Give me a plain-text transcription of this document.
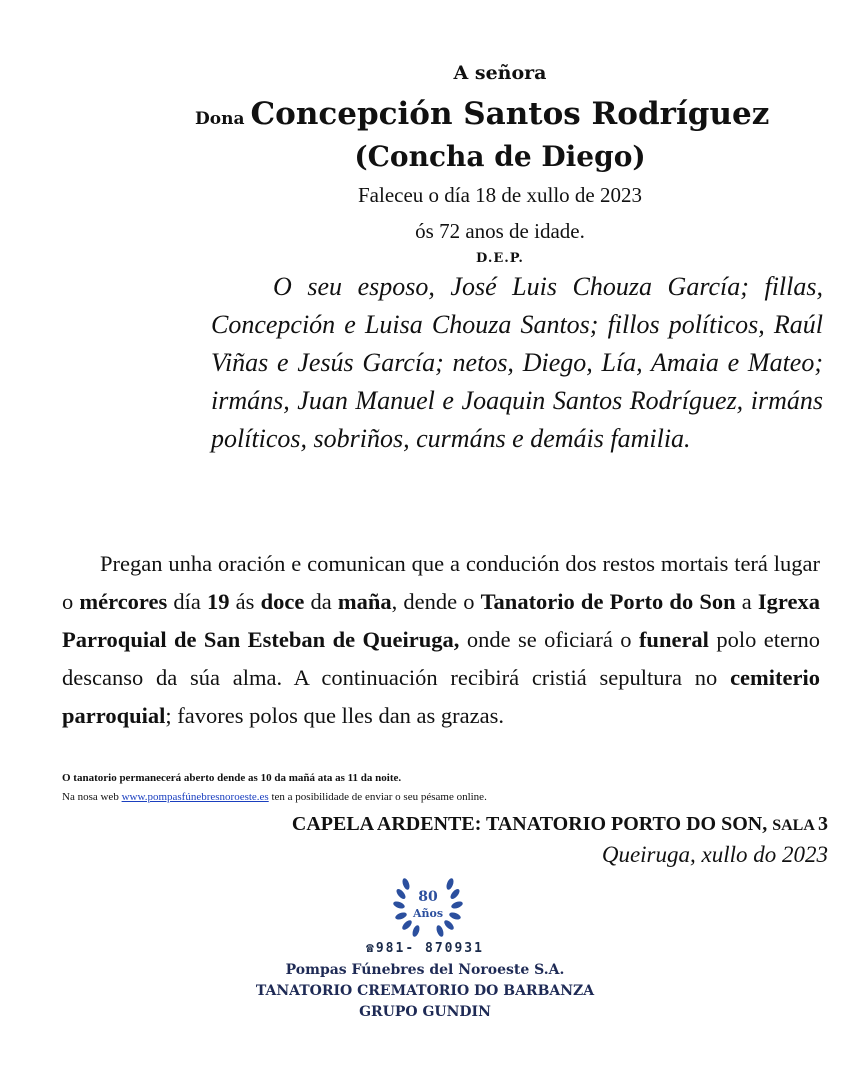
A señora
Dona Concepción Santos Rodríguez
(Concha de Diego)
Faleceu o día 18 de xullo de 2023
ós 72 anos de idade.
D.E.P.
O seu esposo, José Luis Chouza García; fillas, Concepción e Luisa Chouza Santos; fillos políticos, Raúl Viñas e Jesús García; netos, Diego, Lía, Amaia e Mateo; irmáns, Juan Manuel e Joaquin Santos Rodríguez, irmáns políticos, sobriños, curmáns e demáis familia.
Pregan unha oración e comunican que a condución dos restos mortais terá lugar o mércores día 19 ás doce da maña, dende o Tanatorio de Porto do Son a Igrexa Parroquial de San Esteban de Queiruga, onde se oficiará o funeral polo eterno descanso da súa alma. A continuación recibirá cristiá sepultura no cemiterio parroquial; favores polos que lles dan as grazas.
O tanatorio permanecerá aberto dende as 10 da mañá ata as 11 da noite.
Na nosa web www.pompasfúnebresnoroeste.es ten a posibilidade de enviar o seu pésame online.
CAPELA ARDENTE: TANATORIO PORTO DO SON, SALA 3
Queiruga, xullo do 2023
80
Años
☎981- 870931
Pompas Fúnebres del Noroeste S.A.
TANATORIO CREMATORIO DO BARBANZA
GRUPO GUNDIN
